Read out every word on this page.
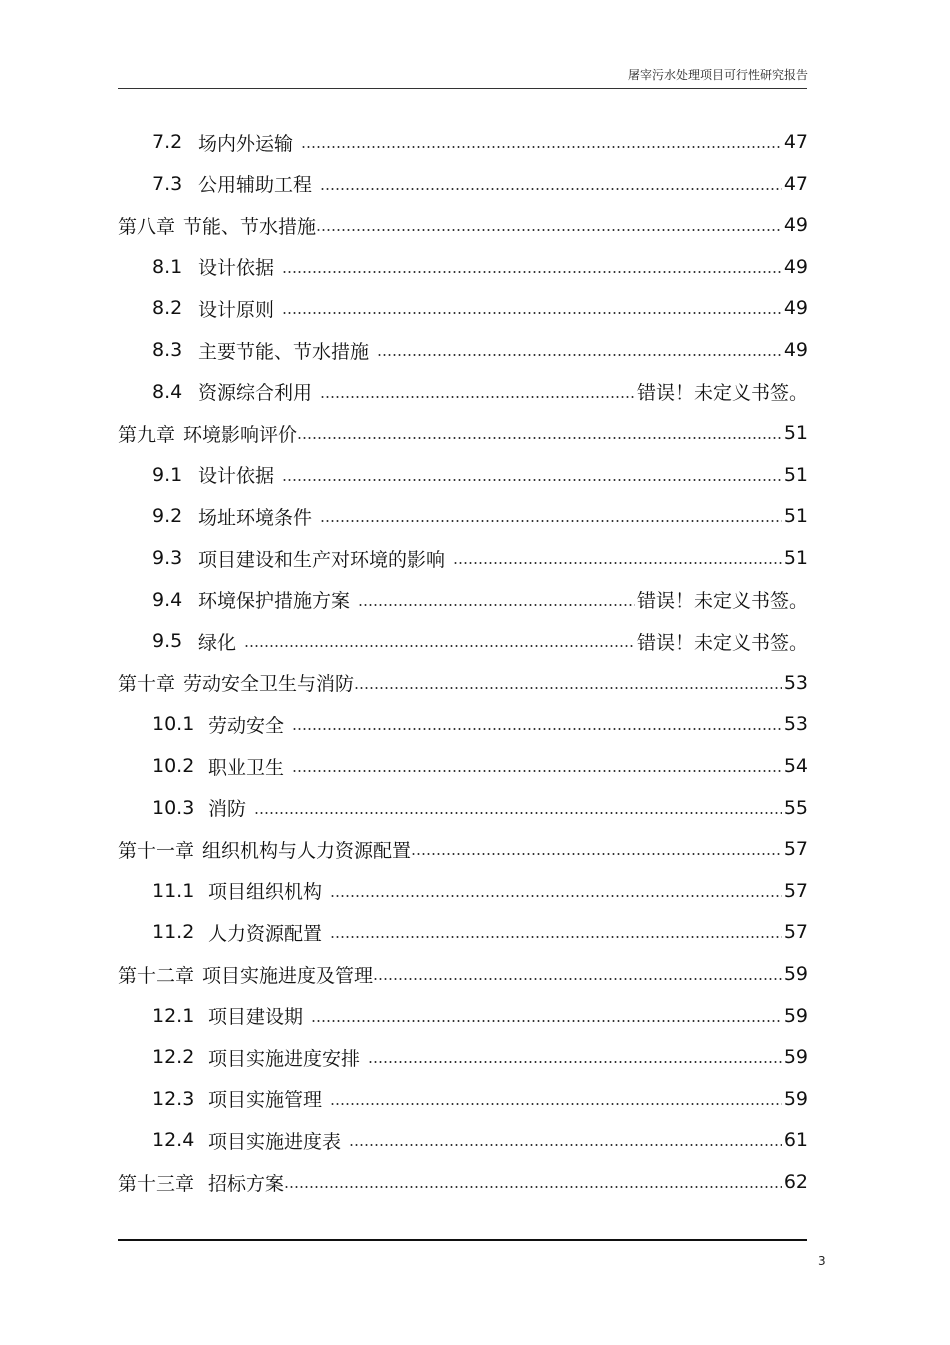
屠宰污水处理项目可行性研究报告
7.2 场内外运输	47
7.3 公用辅助工程	47
第八章 节能、节水措施	49
8.1 设计依据	49
8.2 设计原则	49
8.3 主要节能、节水措施	49
8.4 资源综合利用	错误！未定义书签。
第九章 环境影响评价	51
9.1 设计依据	51
9.2 场址环境条件	51
9.3 项目建设和生产对环境的影响	51
9.4 环境保护措施方案	错误！未定义书签。
9.5 绿化	错误！未定义书签。
第十章 劳动安全卫生与消防	53
10.1 劳动安全	53
10.2 职业卫生	54
10.3 消防	55
第十一章 组织机构与人力资源配置	57
11.1 项目组织机构	57
11.2 人力资源配置	57
第十二章 项目实施进度及管理	59
12.1 项目建设期	59
12.2 项目实施进度安排	59
12.3 项目实施管理	59
12.4 项目实施进度表	61
第十三章 招标方案	62
3
